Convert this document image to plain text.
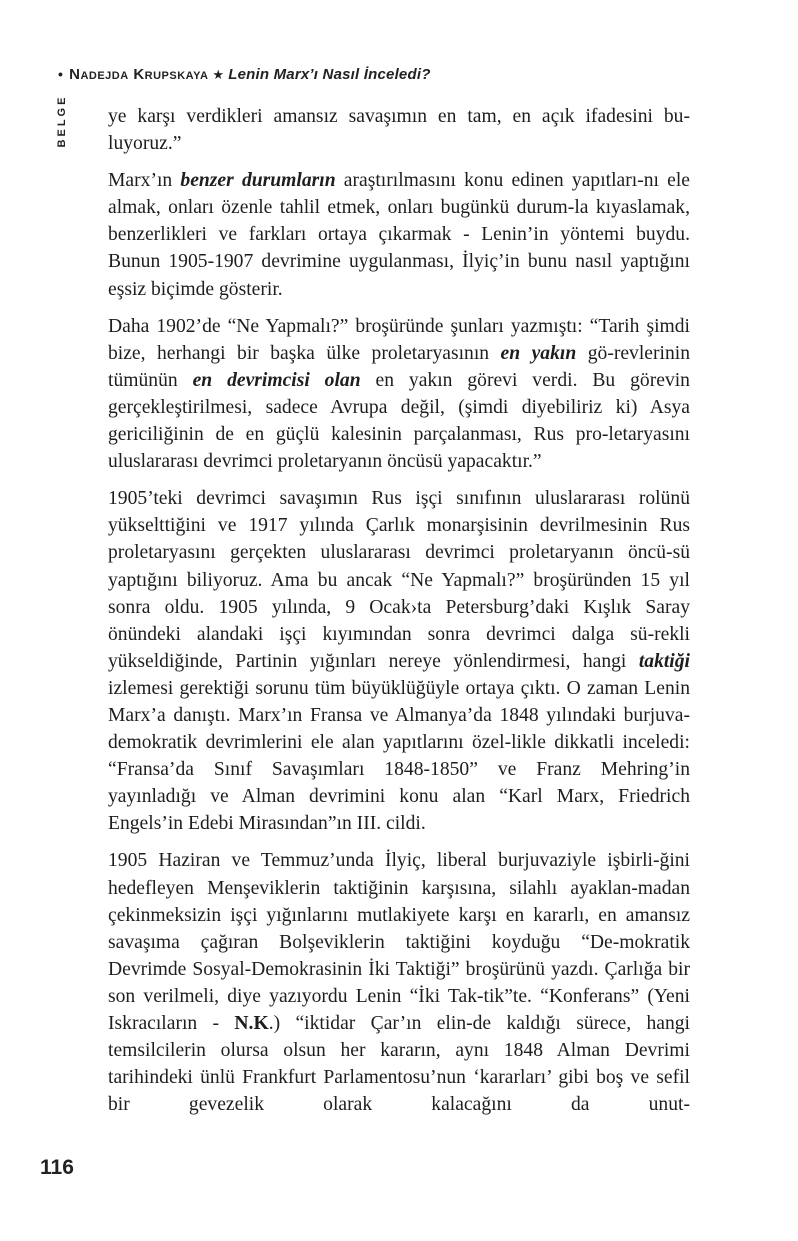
• Nadejda Krupskaya ★ Lenin Marx’ı Nasıl İnceledi?
BELGE ye karşı verdikleri amansız savaşımın en tam, en açık ifadesini bu-luyoruz.”

Marx’ın benzer durumların araştırılmasını konu edinen yapıtları-nı ele almak, onları özenle tahlil etmek, onları bugünkü durum-la kıyaslamak, benzerlikleri ve farkları ortaya çıkarmak - Lenin’in yöntemi buydu. Bunun 1905-1907 devrimine uygulanması, İlyiç’in bunu nasıl yaptığını eşsiz biçimde gösterir.

Daha 1902’de “Ne Yapmalı?” broşüründe şunları yazmıştı: “Tarih şimdi bize, herhangi bir başka ülke proletaryasının en yakın gö-revlerinin tümünün en devrimcisi olan en yakın görevi verdi. Bu görevin gerçekleştirilmesi, sadece Avrupa değil, (şimdi diyebiliriz ki) Asya gericiliğinin de en güçlü kalesinin parçalanması, Rus pro-letaryasını uluslararası devrimci proletaryanın öncüsü yapacaktır.”

1905’teki devrimci savaşımın Rus işçi sınıfının uluslararası rolünü yükselttiğini ve 1917 yılında Çarlık monarşisinin devrilmesinin Rus proletaryasını gerçekten uluslararası devrimci proletaryanın öncü-sü yaptığını biliyoruz. Ama bu ancak “Ne Yapmalı?” broşüründen 15 yıl sonra oldu. 1905 yılında, 9 Ocak›ta Petersburg’daki Kışlık Saray önündeki alandaki işçi kıyımından sonra devrimci dalga sü-rekli yükseldiğinde, Partinin yığınları nereye yönlendirmesi, hangi taktiği izlemesi gerektiği sorunu tüm büyüklüğüyle ortaya çıktı. O zaman Lenin Marx’a danıştı. Marx’ın Fransa ve Almanya’da 1848 yılındaki burjuva-demokratik devrimlerini ele alan yapıtlarını özel-likle dikkatli inceledi: “Fransa’da Sınıf Savaşımları 1848-1850” ve Franz Mehring’in yayınladığı ve Alman devrimini konu alan “Karl Marx, Friedrich Engels’in Edebi Mirasından”ın III. cildi.

1905 Haziran ve Temmuz’unda İlyiç, liberal burjuvaziyle işbirli-ğini hedefleyen Menşeviklerin taktiğinin karşısına, silahlı ayaklan-madan çekinmeksizin işçi yığınlarını mutlakiyete karşı en kararlı, en amansız savaşıma çağıran Bolşeviklerin taktiğini koyduğu “De-mokratik Devrimde Sosyal-Demokrasinin İki Taktiği” broşürünü yazdı. Çarlığa bir son verilmeli, diye yazıyordu Lenin “İki Tak-tik”te. “Konferans” (Yeni Iskracıların - N.K.) “iktidar Çar’ın elin-de kaldığı sürece, hangi temsilcilerin olursa olsun her kararın, aynı 1848 Alman Devrimi tarihindeki ünlü Frankfurt Parlamentosu’nun ‘kararları’ gibi boş ve sefil bir gevezelik olarak kalacağını da unut-

116
